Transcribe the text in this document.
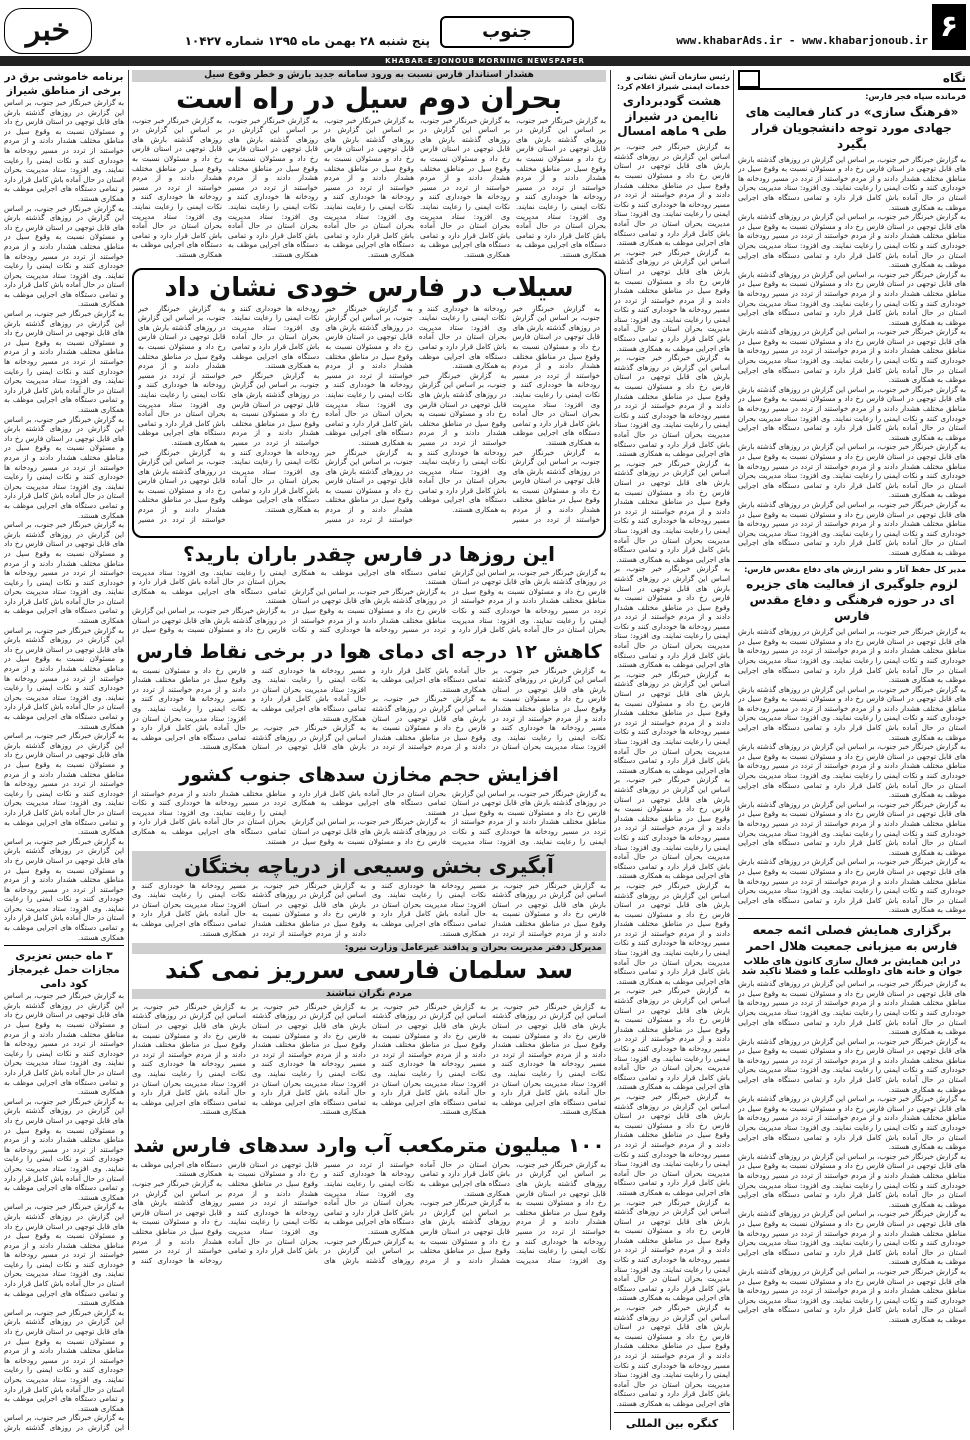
۶
www.khabarAds.ir - www.khabarjonoub.ir
جنوب
پنج شنبه ۲۸ بهمن ماه ۱۳۹۵ شماره ۱۰۴۲۷
خبر
KHABAR-E-JONOUB MORNING NEWSPAPER
نگاه
فرمانده سپاه فجر فارس:
«فرهنگ سازی» در کنار فعالیت های جهادی مورد توجه دانشجویان قرار بگیرد
به گزارش خبرنگار خبر جنوب، بر اساس این گزارش در روزهای گذشته بارش های قابل توجهی در استان فارس رخ داد و مسئولان نسبت به وقوع سیل در مناطق مختلف هشدار دادند و از مردم خواستند از تردد در مسیر رودخانه ها خودداری کنند و نکات ایمنی را رعایت نمایند. وی افزود: ستاد مدیریت بحران استان در حال آماده باش کامل قرار دارد و تمامی دستگاه های اجرایی موظف به همکاری هستند.
به گزارش خبرنگار خبر جنوب، بر اساس این گزارش در روزهای گذشته بارش های قابل توجهی در استان فارس رخ داد و مسئولان نسبت به وقوع سیل در مناطق مختلف هشدار دادند و از مردم خواستند از تردد در مسیر رودخانه ها خودداری کنند و نکات ایمنی را رعایت نمایند. وی افزود: ستاد مدیریت بحران استان در حال آماده باش کامل قرار دارد و تمامی دستگاه های اجرایی موظف به همکاری هستند.
به گزارش خبرنگار خبر جنوب، بر اساس این گزارش در روزهای گذشته بارش های قابل توجهی در استان فارس رخ داد و مسئولان نسبت به وقوع سیل در مناطق مختلف هشدار دادند و از مردم خواستند از تردد در مسیر رودخانه ها خودداری کنند و نکات ایمنی را رعایت نمایند. وی افزود: ستاد مدیریت بحران استان در حال آماده باش کامل قرار دارد و تمامی دستگاه های اجرایی موظف به همکاری هستند.
به گزارش خبرنگار خبر جنوب، بر اساس این گزارش در روزهای گذشته بارش های قابل توجهی در استان فارس رخ داد و مسئولان نسبت به وقوع سیل در مناطق مختلف هشدار دادند و از مردم خواستند از تردد در مسیر رودخانه ها خودداری کنند و نکات ایمنی را رعایت نمایند. وی افزود: ستاد مدیریت بحران استان در حال آماده باش کامل قرار دارد و تمامی دستگاه های اجرایی موظف به همکاری هستند.
به گزارش خبرنگار خبر جنوب، بر اساس این گزارش در روزهای گذشته بارش های قابل توجهی در استان فارس رخ داد و مسئولان نسبت به وقوع سیل در مناطق مختلف هشدار دادند و از مردم خواستند از تردد در مسیر رودخانه ها خودداری کنند و نکات ایمنی را رعایت نمایند. وی افزود: ستاد مدیریت بحران استان در حال آماده باش کامل قرار دارد و تمامی دستگاه های اجرایی موظف به همکاری هستند.
به گزارش خبرنگار خبر جنوب، بر اساس این گزارش در روزهای گذشته بارش های قابل توجهی در استان فارس رخ داد و مسئولان نسبت به وقوع سیل در مناطق مختلف هشدار دادند و از مردم خواستند از تردد در مسیر رودخانه ها خودداری کنند و نکات ایمنی را رعایت نمایند. وی افزود: ستاد مدیریت بحران استان در حال آماده باش کامل قرار دارد و تمامی دستگاه های اجرایی موظف به همکاری هستند.
به گزارش خبرنگار خبر جنوب، بر اساس این گزارش در روزهای گذشته بارش های قابل توجهی در استان فارس رخ داد و مسئولان نسبت به وقوع سیل در مناطق مختلف هشدار دادند و از مردم خواستند از تردد در مسیر رودخانه ها خودداری کنند و نکات ایمنی را رعایت نمایند. وی افزود: ستاد مدیریت بحران استان در حال آماده باش کامل قرار دارد و تمامی دستگاه های اجرایی موظف به همکاری هستند.
مدیر کل حفظ آثار و نشر ارزش های دفاع مقدس فارس:
لزوم جلوگیری از فعالیت های جزیره ای در حوزه فرهنگی و دفاع مقدس فارس
به گزارش خبرنگار خبر جنوب، بر اساس این گزارش در روزهای گذشته بارش های قابل توجهی در استان فارس رخ داد و مسئولان نسبت به وقوع سیل در مناطق مختلف هشدار دادند و از مردم خواستند از تردد در مسیر رودخانه ها خودداری کنند و نکات ایمنی را رعایت نمایند. وی افزود: ستاد مدیریت بحران استان در حال آماده باش کامل قرار دارد و تمامی دستگاه های اجرایی موظف به همکاری هستند.
به گزارش خبرنگار خبر جنوب، بر اساس این گزارش در روزهای گذشته بارش های قابل توجهی در استان فارس رخ داد و مسئولان نسبت به وقوع سیل در مناطق مختلف هشدار دادند و از مردم خواستند از تردد در مسیر رودخانه ها خودداری کنند و نکات ایمنی را رعایت نمایند. وی افزود: ستاد مدیریت بحران استان در حال آماده باش کامل قرار دارد و تمامی دستگاه های اجرایی موظف به همکاری هستند.
به گزارش خبرنگار خبر جنوب، بر اساس این گزارش در روزهای گذشته بارش های قابل توجهی در استان فارس رخ داد و مسئولان نسبت به وقوع سیل در مناطق مختلف هشدار دادند و از مردم خواستند از تردد در مسیر رودخانه ها خودداری کنند و نکات ایمنی را رعایت نمایند. وی افزود: ستاد مدیریت بحران استان در حال آماده باش کامل قرار دارد و تمامی دستگاه های اجرایی موظف به همکاری هستند.
به گزارش خبرنگار خبر جنوب، بر اساس این گزارش در روزهای گذشته بارش های قابل توجهی در استان فارس رخ داد و مسئولان نسبت به وقوع سیل در مناطق مختلف هشدار دادند و از مردم خواستند از تردد در مسیر رودخانه ها خودداری کنند و نکات ایمنی را رعایت نمایند. وی افزود: ستاد مدیریت بحران استان در حال آماده باش کامل قرار دارد و تمامی دستگاه های اجرایی موظف به همکاری هستند.
به گزارش خبرنگار خبر جنوب، بر اساس این گزارش در روزهای گذشته بارش های قابل توجهی در استان فارس رخ داد و مسئولان نسبت به وقوع سیل در مناطق مختلف هشدار دادند و از مردم خواستند از تردد در مسیر رودخانه ها خودداری کنند و نکات ایمنی را رعایت نمایند. وی افزود: ستاد مدیریت بحران استان در حال آماده باش کامل قرار دارد و تمامی دستگاه های اجرایی موظف به همکاری هستند.
برگزاری همایش فصلی ائمه جمعه فارس به میزبانی جمعیت هلال احمر
در این همایش بر فعال سازی کانون های طلاب جوان و خانه های داوطلب علما و فضلا تاکید شد
به گزارش خبرنگار خبر جنوب، بر اساس این گزارش در روزهای گذشته بارش های قابل توجهی در استان فارس رخ داد و مسئولان نسبت به وقوع سیل در مناطق مختلف هشدار دادند و از مردم خواستند از تردد در مسیر رودخانه ها خودداری کنند و نکات ایمنی را رعایت نمایند. وی افزود: ستاد مدیریت بحران استان در حال آماده باش کامل قرار دارد و تمامی دستگاه های اجرایی موظف به همکاری هستند.
به گزارش خبرنگار خبر جنوب، بر اساس این گزارش در روزهای گذشته بارش های قابل توجهی در استان فارس رخ داد و مسئولان نسبت به وقوع سیل در مناطق مختلف هشدار دادند و از مردم خواستند از تردد در مسیر رودخانه ها خودداری کنند و نکات ایمنی را رعایت نمایند. وی افزود: ستاد مدیریت بحران استان در حال آماده باش کامل قرار دارد و تمامی دستگاه های اجرایی موظف به همکاری هستند.
به گزارش خبرنگار خبر جنوب، بر اساس این گزارش در روزهای گذشته بارش های قابل توجهی در استان فارس رخ داد و مسئولان نسبت به وقوع سیل در مناطق مختلف هشدار دادند و از مردم خواستند از تردد در مسیر رودخانه ها خودداری کنند و نکات ایمنی را رعایت نمایند. وی افزود: ستاد مدیریت بحران استان در حال آماده باش کامل قرار دارد و تمامی دستگاه های اجرایی موظف به همکاری هستند.
به گزارش خبرنگار خبر جنوب، بر اساس این گزارش در روزهای گذشته بارش های قابل توجهی در استان فارس رخ داد و مسئولان نسبت به وقوع سیل در مناطق مختلف هشدار دادند و از مردم خواستند از تردد در مسیر رودخانه ها خودداری کنند و نکات ایمنی را رعایت نمایند. وی افزود: ستاد مدیریت بحران استان در حال آماده باش کامل قرار دارد و تمامی دستگاه های اجرایی موظف به همکاری هستند.
به گزارش خبرنگار خبر جنوب، بر اساس این گزارش در روزهای گذشته بارش های قابل توجهی در استان فارس رخ داد و مسئولان نسبت به وقوع سیل در مناطق مختلف هشدار دادند و از مردم خواستند از تردد در مسیر رودخانه ها خودداری کنند و نکات ایمنی را رعایت نمایند. وی افزود: ستاد مدیریت بحران استان در حال آماده باش کامل قرار دارد و تمامی دستگاه های اجرایی موظف به همکاری هستند.
به گزارش خبرنگار خبر جنوب، بر اساس این گزارش در روزهای گذشته بارش های قابل توجهی در استان فارس رخ داد و مسئولان نسبت به وقوع سیل در مناطق مختلف هشدار دادند و از مردم خواستند از تردد در مسیر رودخانه ها خودداری کنند و نکات ایمنی را رعایت نمایند. وی افزود: ستاد مدیریت بحران استان در حال آماده باش کامل قرار دارد و تمامی دستگاه های اجرایی موظف به همکاری هستند.
رئیس سازمان آتش نشانی و خدمات ایمنی شیراز اعلام کرد:
هشت گودبرداری ناایمن در شیراز طی ۹ ماهه امسال
به گزارش خبرنگار خبر جنوب، بر اساس این گزارش در روزهای گذشته بارش های قابل توجهی در استان فارس رخ داد و مسئولان نسبت به وقوع سیل در مناطق مختلف هشدار دادند و از مردم خواستند از تردد در مسیر رودخانه ها خودداری کنند و نکات ایمنی را رعایت نمایند. وی افزود: ستاد مدیریت بحران استان در حال آماده باش کامل قرار دارد و تمامی دستگاه های اجرایی موظف به همکاری هستند.
به گزارش خبرنگار خبر جنوب، بر اساس این گزارش در روزهای گذشته بارش های قابل توجهی در استان فارس رخ داد و مسئولان نسبت به وقوع سیل در مناطق مختلف هشدار دادند و از مردم خواستند از تردد در مسیر رودخانه ها خودداری کنند و نکات ایمنی را رعایت نمایند. وی افزود: ستاد مدیریت بحران استان در حال آماده باش کامل قرار دارد و تمامی دستگاه های اجرایی موظف به همکاری هستند.
به گزارش خبرنگار خبر جنوب، بر اساس این گزارش در روزهای گذشته بارش های قابل توجهی در استان فارس رخ داد و مسئولان نسبت به وقوع سیل در مناطق مختلف هشدار دادند و از مردم خواستند از تردد در مسیر رودخانه ها خودداری کنند و نکات ایمنی را رعایت نمایند. وی افزود: ستاد مدیریت بحران استان در حال آماده باش کامل قرار دارد و تمامی دستگاه های اجرایی موظف به همکاری هستند.
به گزارش خبرنگار خبر جنوب، بر اساس این گزارش در روزهای گذشته بارش های قابل توجهی در استان فارس رخ داد و مسئولان نسبت به وقوع سیل در مناطق مختلف هشدار دادند و از مردم خواستند از تردد در مسیر رودخانه ها خودداری کنند و نکات ایمنی را رعایت نمایند. وی افزود: ستاد مدیریت بحران استان در حال آماده باش کامل قرار دارد و تمامی دستگاه های اجرایی موظف به همکاری هستند.
به گزارش خبرنگار خبر جنوب، بر اساس این گزارش در روزهای گذشته بارش های قابل توجهی در استان فارس رخ داد و مسئولان نسبت به وقوع سیل در مناطق مختلف هشدار دادند و از مردم خواستند از تردد در مسیر رودخانه ها خودداری کنند و نکات ایمنی را رعایت نمایند. وی افزود: ستاد مدیریت بحران استان در حال آماده باش کامل قرار دارد و تمامی دستگاه های اجرایی موظف به همکاری هستند.
به گزارش خبرنگار خبر جنوب، بر اساس این گزارش در روزهای گذشته بارش های قابل توجهی در استان فارس رخ داد و مسئولان نسبت به وقوع سیل در مناطق مختلف هشدار دادند و از مردم خواستند از تردد در مسیر رودخانه ها خودداری کنند و نکات ایمنی را رعایت نمایند. وی افزود: ستاد مدیریت بحران استان در حال آماده باش کامل قرار دارد و تمامی دستگاه های اجرایی موظف به همکاری هستند.
به گزارش خبرنگار خبر جنوب، بر اساس این گزارش در روزهای گذشته بارش های قابل توجهی در استان فارس رخ داد و مسئولان نسبت به وقوع سیل در مناطق مختلف هشدار دادند و از مردم خواستند از تردد در مسیر رودخانه ها خودداری کنند و نکات ایمنی را رعایت نمایند. وی افزود: ستاد مدیریت بحران استان در حال آماده باش کامل قرار دارد و تمامی دستگاه های اجرایی موظف به همکاری هستند.
به گزارش خبرنگار خبر جنوب، بر اساس این گزارش در روزهای گذشته بارش های قابل توجهی در استان فارس رخ داد و مسئولان نسبت به وقوع سیل در مناطق مختلف هشدار دادند و از مردم خواستند از تردد در مسیر رودخانه ها خودداری کنند و نکات ایمنی را رعایت نمایند. وی افزود: ستاد مدیریت بحران استان در حال آماده باش کامل قرار دارد و تمامی دستگاه های اجرایی موظف به همکاری هستند.
به گزارش خبرنگار خبر جنوب، بر اساس این گزارش در روزهای گذشته بارش های قابل توجهی در استان فارس رخ داد و مسئولان نسبت به وقوع سیل در مناطق مختلف هشدار دادند و از مردم خواستند از تردد در مسیر رودخانه ها خودداری کنند و نکات ایمنی را رعایت نمایند. وی افزود: ستاد مدیریت بحران استان در حال آماده باش کامل قرار دارد و تمامی دستگاه های اجرایی موظف به همکاری هستند.
به گزارش خبرنگار خبر جنوب، بر اساس این گزارش در روزهای گذشته بارش های قابل توجهی در استان فارس رخ داد و مسئولان نسبت به وقوع سیل در مناطق مختلف هشدار دادند و از مردم خواستند از تردد در مسیر رودخانه ها خودداری کنند و نکات ایمنی را رعایت نمایند. وی افزود: ستاد مدیریت بحران استان در حال آماده باش کامل قرار دارد و تمامی دستگاه های اجرایی موظف به همکاری هستند.
به گزارش خبرنگار خبر جنوب، بر اساس این گزارش در روزهای گذشته بارش های قابل توجهی در استان فارس رخ داد و مسئولان نسبت به وقوع سیل در مناطق مختلف هشدار دادند و از مردم خواستند از تردد در مسیر رودخانه ها خودداری کنند و نکات ایمنی را رعایت نمایند. وی افزود: ستاد مدیریت بحران استان در حال آماده باش کامل قرار دارد و تمامی دستگاه های اجرایی موظف به همکاری هستند.
به گزارش خبرنگار خبر جنوب، بر اساس این گزارش در روزهای گذشته بارش های قابل توجهی در استان فارس رخ داد و مسئولان نسبت به وقوع سیل در مناطق مختلف هشدار دادند و از مردم خواستند از تردد در مسیر رودخانه ها خودداری کنند و نکات ایمنی را رعایت نمایند. وی افزود: ستاد مدیریت بحران استان در حال آماده باش کامل قرار دارد و تمامی دستگاه های اجرایی موظف به همکاری هستند.
کنگره بین المللی
هشدار استاندار فارس نسبت به ورود سامانه جدید بارش و خطر وقوع سیل
بحران دوم سیل در راه است
به گزارش خبرنگار خبر جنوب، بر اساس این گزارش در روزهای گذشته بارش های قابل توجهی در استان فارس رخ داد و مسئولان نسبت به وقوع سیل در مناطق مختلف هشدار دادند و از مردم خواستند از تردد در مسیر رودخانه ها خودداری کنند و نکات ایمنی را رعایت نمایند. وی افزود: ستاد مدیریت بحران استان در حال آماده باش کامل قرار دارد و تمامی دستگاه های اجرایی موظف به همکاری هستند.
به گزارش خبرنگار خبر جنوب، بر اساس این گزارش در روزهای گذشته بارش های قابل توجهی در استان فارس رخ داد و مسئولان نسبت به وقوع سیل در مناطق مختلف هشدار دادند و از مردم خواستند از تردد در مسیر رودخانه ها خودداری کنند و نکات ایمنی را رعایت نمایند. وی افزود: ستاد مدیریت بحران استان در حال آماده باش کامل قرار دارد و تمامی دستگاه های اجرایی موظف به همکاری هستند.
به گزارش خبرنگار خبر جنوب، بر اساس این گزارش در روزهای گذشته بارش های قابل توجهی در استان فارس رخ داد و مسئولان نسبت به وقوع سیل در مناطق مختلف هشدار دادند و از مردم خواستند از تردد در مسیر رودخانه ها خودداری کنند و نکات ایمنی را رعایت نمایند. وی افزود: ستاد مدیریت بحران استان در حال آماده باش کامل قرار دارد و تمامی دستگاه های اجرایی موظف به همکاری هستند.
به گزارش خبرنگار خبر جنوب، بر اساس این گزارش در روزهای گذشته بارش های قابل توجهی در استان فارس رخ داد و مسئولان نسبت به وقوع سیل در مناطق مختلف هشدار دادند و از مردم خواستند از تردد در مسیر رودخانه ها خودداری کنند و نکات ایمنی را رعایت نمایند. وی افزود: ستاد مدیریت بحران استان در حال آماده باش کامل قرار دارد و تمامی دستگاه های اجرایی موظف به همکاری هستند.
به گزارش خبرنگار خبر جنوب، بر اساس این گزارش در روزهای گذشته بارش های قابل توجهی در استان فارس رخ داد و مسئولان نسبت به وقوع سیل در مناطق مختلف هشدار دادند و از مردم خواستند از تردد در مسیر رودخانه ها خودداری کنند و نکات ایمنی را رعایت نمایند. وی افزود: ستاد مدیریت بحران استان در حال آماده باش کامل قرار دارد و تمامی دستگاه های اجرایی موظف به همکاری هستند.
سیلاب در فارس خودی نشان داد
به گزارش خبرنگار خبر جنوب، بر اساس این گزارش در روزهای گذشته بارش های قابل توجهی در استان فارس رخ داد و مسئولان نسبت به وقوع سیل در مناطق مختلف هشدار دادند و از مردم خواستند از تردد در مسیر رودخانه ها خودداری کنند و نکات ایمنی را رعایت نمایند. وی افزود: ستاد مدیریت بحران استان در حال آماده باش کامل قرار دارد و تمامی دستگاه های اجرایی موظف به همکاری هستند.
به گزارش خبرنگار خبر جنوب، بر اساس این گزارش در روزهای گذشته بارش های قابل توجهی در استان فارس رخ داد و مسئولان نسبت به وقوع سیل در مناطق مختلف هشدار دادند و از مردم خواستند از تردد در مسیر رودخانه ها خودداری کنند و نکات ایمنی را رعایت نمایند. وی افزود: ستاد مدیریت بحران استان در حال آماده باش کامل قرار دارد و تمامی دستگاه های اجرایی موظف به همکاری هستند.
به گزارش خبرنگار خبر جنوب، بر اساس این گزارش در روزهای گذشته بارش های قابل توجهی در استان فارس رخ داد و مسئولان نسبت به وقوع سیل در مناطق مختلف هشدار دادند و از مردم خواستند از تردد در مسیر رودخانه ها خودداری کنند و نکات ایمنی را رعایت نمایند. وی افزود: ستاد مدیریت بحران استان در حال آماده باش کامل قرار دارد و تمامی دستگاه های اجرایی موظف به همکاری هستند.
به گزارش خبرنگار خبر جنوب، بر اساس این گزارش در روزهای گذشته بارش های قابل توجهی در استان فارس رخ داد و مسئولان نسبت به وقوع سیل در مناطق مختلف هشدار دادند و از مردم خواستند از تردد در مسیر رودخانه ها خودداری کنند و نکات ایمنی را رعایت نمایند. وی افزود: ستاد مدیریت بحران استان در حال آماده باش کامل قرار دارد و تمامی دستگاه های اجرایی موظف به همکاری هستند.
به گزارش خبرنگار خبر جنوب، بر اساس این گزارش در روزهای گذشته بارش های قابل توجهی در استان فارس رخ داد و مسئولان نسبت به وقوع سیل در مناطق مختلف هشدار دادند و از مردم خواستند از تردد در مسیر رودخانه ها خودداری کنند و نکات ایمنی را رعایت نمایند. وی افزود: ستاد مدیریت بحران استان در حال آماده باش کامل قرار دارد و تمامی دستگاه های اجرایی موظف به همکاری هستند.
به گزارش خبرنگار خبر جنوب، بر اساس این گزارش در روزهای گذشته بارش های قابل توجهی در استان فارس رخ داد و مسئولان نسبت به وقوع سیل در مناطق مختلف هشدار دادند و از مردم خواستند از تردد در مسیر رودخانه ها خودداری کنند و نکات ایمنی را رعایت نمایند. وی افزود: ستاد مدیریت بحران استان در حال آماده باش کامل قرار دارد و تمامی دستگاه های اجرایی موظف به همکاری هستند.
به گزارش خبرنگار خبر جنوب، بر اساس این گزارش در روزهای گذشته بارش های قابل توجهی در استان فارس رخ داد و مسئولان نسبت به وقوع سیل در مناطق مختلف هشدار دادند و از مردم خواستند از تردد در مسیر رودخانه ها خودداری کنند و نکات ایمنی را رعایت نمایند. وی افزود: ستاد مدیریت بحران استان در حال آماده باش کامل قرار دارد و تمامی دستگاه های اجرایی موظف به همکاری هستند.
به گزارش خبرنگار خبر جنوب، بر اساس این گزارش در روزهای گذشته بارش های قابل توجهی در استان فارس رخ داد و مسئولان نسبت به وقوع سیل در مناطق مختلف هشدار دادند و از مردم خواستند از تردد در مسیر
این روزها در فارس چقدر باران بارید؟
به گزارش خبرنگار خبر جنوب، بر اساس این گزارش در روزهای گذشته بارش های قابل توجهی در استان فارس رخ داد و مسئولان نسبت به وقوع سیل در مناطق مختلف هشدار دادند و از مردم خواستند از تردد در مسیر رودخانه ها خودداری کنند و نکات ایمنی را رعایت نمایند. وی افزود: ستاد مدیریت بحران استان در حال آماده باش کامل قرار دارد و تمامی دستگاه های اجرایی موظف به همکاری هستند.
به گزارش خبرنگار خبر جنوب، بر اساس این گزارش در روزهای گذشته بارش های قابل توجهی در استان فارس رخ داد و مسئولان نسبت به وقوع سیل در مناطق مختلف هشدار دادند و از مردم خواستند از تردد در مسیر رودخانه ها خودداری کنند و نکات ایمنی را رعایت نمایند. وی افزود: ستاد مدیریت بحران استان در حال آماده باش کامل قرار دارد و تمامی دستگاه های اجرایی موظف به همکاری هستند.
به گزارش خبرنگار خبر جنوب، بر اساس این گزارش در روزهای گذشته بارش های قابل توجهی در استان فارس رخ داد و مسئولان نسبت به وقوع سیل در
کاهش ۱۲ درجه ای دمای هوا در برخی نقاط فارس
به گزارش خبرنگار خبر جنوب، بر اساس این گزارش در روزهای گذشته بارش های قابل توجهی در استان فارس رخ داد و مسئولان نسبت به وقوع سیل در مناطق مختلف هشدار دادند و از مردم خواستند از تردد در مسیر رودخانه ها خودداری کنند و نکات ایمنی را رعایت نمایند. وی افزود: ستاد مدیریت بحران استان در حال آماده باش کامل قرار دارد و تمامی دستگاه های اجرایی موظف به همکاری هستند.
به گزارش خبرنگار خبر جنوب، بر اساس این گزارش در روزهای گذشته بارش های قابل توجهی در استان فارس رخ داد و مسئولان نسبت به وقوع سیل در مناطق مختلف هشدار دادند و از مردم خواستند از تردد در مسیر رودخانه ها خودداری کنند و نکات ایمنی را رعایت نمایند. وی افزود: ستاد مدیریت بحران استان در حال آماده باش کامل قرار دارد و تمامی دستگاه های اجرایی موظف به همکاری هستند.
به گزارش خبرنگار خبر جنوب، بر اساس این گزارش در روزهای گذشته بارش های قابل توجهی در استان فارس رخ داد و مسئولان نسبت به وقوع سیل در مناطق مختلف هشدار دادند و از مردم خواستند از تردد در مسیر رودخانه ها خودداری کنند و نکات ایمنی را رعایت نمایند. وی افزود: ستاد مدیریت بحران استان در حال آماده باش کامل قرار دارد و تمامی دستگاه های اجرایی موظف به همکاری هستند.
افزایش حجم مخازن سدهای جنوب کشور
به گزارش خبرنگار خبر جنوب، بر اساس این گزارش در روزهای گذشته بارش های قابل توجهی در استان فارس رخ داد و مسئولان نسبت به وقوع سیل در مناطق مختلف هشدار دادند و از مردم خواستند از تردد در مسیر رودخانه ها خودداری کنند و نکات ایمنی را رعایت نمایند. وی افزود: ستاد مدیریت بحران استان در حال آماده باش کامل قرار دارد و تمامی دستگاه های اجرایی موظف به همکاری هستند.
به گزارش خبرنگار خبر جنوب، بر اساس این گزارش در روزهای گذشته بارش های قابل توجهی در استان فارس رخ داد و مسئولان نسبت به وقوع سیل در مناطق مختلف هشدار دادند و از مردم خواستند از تردد در مسیر رودخانه ها خودداری کنند و نکات ایمنی را رعایت نمایند. وی افزود: ستاد مدیریت بحران استان در حال آماده باش کامل قرار دارد و تمامی دستگاه های اجرایی موظف به همکاری هستند.
آبگیری بخش وسیعی از دریاچه بختگان
به گزارش خبرنگار خبر جنوب، بر اساس این گزارش در روزهای گذشته بارش های قابل توجهی در استان فارس رخ داد و مسئولان نسبت به وقوع سیل در مناطق مختلف هشدار دادند و از مردم خواستند از تردد در مسیر رودخانه ها خودداری کنند و نکات ایمنی را رعایت نمایند. وی افزود: ستاد مدیریت بحران استان در حال آماده باش کامل قرار دارد و تمامی دستگاه های اجرایی موظف به همکاری هستند.
به گزارش خبرنگار خبر جنوب، بر اساس این گزارش در روزهای گذشته بارش های قابل توجهی در استان فارس رخ داد و مسئولان نسبت به وقوع سیل در مناطق مختلف هشدار دادند و از مردم خواستند از تردد در مسیر رودخانه ها خودداری کنند و نکات ایمنی را رعایت نمایند. وی افزود: ستاد مدیریت بحران استان در حال آماده باش کامل قرار دارد و تمامی دستگاه های اجرایی موظف به همکاری هستند.
مدیرکل دفتر مدیریت بحران و پدافند غیرعامل وزارت نیرو:
سد سلمان فارسی سرریز نمی کند
مردم نگران نباشند
به گزارش خبرنگار خبر جنوب، بر اساس این گزارش در روزهای گذشته بارش های قابل توجهی در استان فارس رخ داد و مسئولان نسبت به وقوع سیل در مناطق مختلف هشدار دادند و از مردم خواستند از تردد در مسیر رودخانه ها خودداری کنند و نکات ایمنی را رعایت نمایند. وی افزود: ستاد مدیریت بحران استان در حال آماده باش کامل قرار دارد و تمامی دستگاه های اجرایی موظف به همکاری هستند.
به گزارش خبرنگار خبر جنوب، بر اساس این گزارش در روزهای گذشته بارش های قابل توجهی در استان فارس رخ داد و مسئولان نسبت به وقوع سیل در مناطق مختلف هشدار دادند و از مردم خواستند از تردد در مسیر رودخانه ها خودداری کنند و نکات ایمنی را رعایت نمایند. وی افزود: ستاد مدیریت بحران استان در حال آماده باش کامل قرار دارد و تمامی دستگاه های اجرایی موظف به همکاری هستند.
به گزارش خبرنگار خبر جنوب، بر اساس این گزارش در روزهای گذشته بارش های قابل توجهی در استان فارس رخ داد و مسئولان نسبت به وقوع سیل در مناطق مختلف هشدار دادند و از مردم خواستند از تردد در مسیر رودخانه ها خودداری کنند و نکات ایمنی را رعایت نمایند. وی افزود: ستاد مدیریت بحران استان در حال آماده باش کامل قرار دارد و تمامی دستگاه های اجرایی موظف به همکاری هستند.
به گزارش خبرنگار خبر جنوب، بر اساس این گزارش در روزهای گذشته بارش های قابل توجهی در استان فارس رخ داد و مسئولان نسبت به وقوع سیل در مناطق مختلف هشدار دادند و از مردم خواستند از تردد در مسیر رودخانه ها خودداری کنند و نکات ایمنی را رعایت نمایند. وی افزود: ستاد مدیریت بحران استان در حال آماده باش کامل قرار دارد و تمامی دستگاه های اجرایی موظف به همکاری هستند.
۱۰۰ میلیون مترمکعب آب وارد سدهای فارس شد
به گزارش خبرنگار خبر جنوب، بر اساس این گزارش در روزهای گذشته بارش های قابل توجهی در استان فارس رخ داد و مسئولان نسبت به وقوع سیل در مناطق مختلف هشدار دادند و از مردم خواستند از تردد در مسیر رودخانه ها خودداری کنند و نکات ایمنی را رعایت نمایند. وی افزود: ستاد مدیریت بحران استان در حال آماده باش کامل قرار دارد و تمامی دستگاه های اجرایی موظف به همکاری هستند.
به گزارش خبرنگار خبر جنوب، بر اساس این گزارش در روزهای گذشته بارش های قابل توجهی در استان فارس رخ داد و مسئولان نسبت به وقوع سیل در مناطق مختلف هشدار دادند و از مردم خواستند از تردد در مسیر رودخانه ها خودداری کنند و نکات ایمنی را رعایت نمایند. وی افزود: ستاد مدیریت بحران استان در حال آماده باش کامل قرار دارد و تمامی دستگاه های اجرایی موظف به همکاری هستند.
به گزارش خبرنگار خبر جنوب، بر اساس این گزارش در روزهای گذشته بارش های قابل توجهی در استان فارس رخ داد و مسئولان نسبت به وقوع سیل در مناطق مختلف هشدار دادند و از مردم خواستند از تردد در مسیر رودخانه ها خودداری کنند و نکات ایمنی را رعایت نمایند. وی افزود: ستاد مدیریت بحران استان در حال آماده باش کامل قرار دارد و تمامی دستگاه های اجرایی موظف به همکاری هستند.
به گزارش خبرنگار خبر جنوب، بر اساس این گزارش در روزهای گذشته بارش های قابل توجهی در استان فارس رخ داد و مسئولان نسبت به وقوع سیل در مناطق مختلف هشدار دادند و از مردم خواستند از تردد در مسیر رودخانه ها خودداری کنند و
برنامه خاموشی برق در برخی از مناطق شیراز
به گزارش خبرنگار خبر جنوب، بر اساس این گزارش در روزهای گذشته بارش های قابل توجهی در استان فارس رخ داد و مسئولان نسبت به وقوع سیل در مناطق مختلف هشدار دادند و از مردم خواستند از تردد در مسیر رودخانه ها خودداری کنند و نکات ایمنی را رعایت نمایند. وی افزود: ستاد مدیریت بحران استان در حال آماده باش کامل قرار دارد و تمامی دستگاه های اجرایی موظف به همکاری هستند.
به گزارش خبرنگار خبر جنوب، بر اساس این گزارش در روزهای گذشته بارش های قابل توجهی در استان فارس رخ داد و مسئولان نسبت به وقوع سیل در مناطق مختلف هشدار دادند و از مردم خواستند از تردد در مسیر رودخانه ها خودداری کنند و نکات ایمنی را رعایت نمایند. وی افزود: ستاد مدیریت بحران استان در حال آماده باش کامل قرار دارد و تمامی دستگاه های اجرایی موظف به همکاری هستند.
به گزارش خبرنگار خبر جنوب، بر اساس این گزارش در روزهای گذشته بارش های قابل توجهی در استان فارس رخ داد و مسئولان نسبت به وقوع سیل در مناطق مختلف هشدار دادند و از مردم خواستند از تردد در مسیر رودخانه ها خودداری کنند و نکات ایمنی را رعایت نمایند. وی افزود: ستاد مدیریت بحران استان در حال آماده باش کامل قرار دارد و تمامی دستگاه های اجرایی موظف به همکاری هستند.
به گزارش خبرنگار خبر جنوب، بر اساس این گزارش در روزهای گذشته بارش های قابل توجهی در استان فارس رخ داد و مسئولان نسبت به وقوع سیل در مناطق مختلف هشدار دادند و از مردم خواستند از تردد در مسیر رودخانه ها خودداری کنند و نکات ایمنی را رعایت نمایند. وی افزود: ستاد مدیریت بحران استان در حال آماده باش کامل قرار دارد و تمامی دستگاه های اجرایی موظف به همکاری هستند.
به گزارش خبرنگار خبر جنوب، بر اساس این گزارش در روزهای گذشته بارش های قابل توجهی در استان فارس رخ داد و مسئولان نسبت به وقوع سیل در مناطق مختلف هشدار دادند و از مردم خواستند از تردد در مسیر رودخانه ها خودداری کنند و نکات ایمنی را رعایت نمایند. وی افزود: ستاد مدیریت بحران استان در حال آماده باش کامل قرار دارد و تمامی دستگاه های اجرایی موظف به همکاری هستند.
به گزارش خبرنگار خبر جنوب، بر اساس این گزارش در روزهای گذشته بارش های قابل توجهی در استان فارس رخ داد و مسئولان نسبت به وقوع سیل در مناطق مختلف هشدار دادند و از مردم خواستند از تردد در مسیر رودخانه ها خودداری کنند و نکات ایمنی را رعایت نمایند. وی افزود: ستاد مدیریت بحران استان در حال آماده باش کامل قرار دارد و تمامی دستگاه های اجرایی موظف به همکاری هستند.
به گزارش خبرنگار خبر جنوب، بر اساس این گزارش در روزهای گذشته بارش های قابل توجهی در استان فارس رخ داد و مسئولان نسبت به وقوع سیل در مناطق مختلف هشدار دادند و از مردم خواستند از تردد در مسیر رودخانه ها خودداری کنند و نکات ایمنی را رعایت نمایند. وی افزود: ستاد مدیریت بحران استان در حال آماده باش کامل قرار دارد و تمامی دستگاه های اجرایی موظف به همکاری هستند.
به گزارش خبرنگار خبر جنوب، بر اساس این گزارش در روزهای گذشته بارش های قابل توجهی در استان فارس رخ داد و مسئولان نسبت به وقوع سیل در مناطق مختلف هشدار دادند و از مردم خواستند از تردد در مسیر رودخانه ها خودداری کنند و نکات ایمنی را رعایت نمایند. وی افزود: ستاد مدیریت بحران استان در حال آماده باش کامل قرار دارد و تمامی دستگاه های اجرایی موظف به همکاری هستند.
۳ ماه حبس تعزیری مجازات حمل غیرمجاز کود دامی
به گزارش خبرنگار خبر جنوب، بر اساس این گزارش در روزهای گذشته بارش های قابل توجهی در استان فارس رخ داد و مسئولان نسبت به وقوع سیل در مناطق مختلف هشدار دادند و از مردم خواستند از تردد در مسیر رودخانه ها خودداری کنند و نکات ایمنی را رعایت نمایند. وی افزود: ستاد مدیریت بحران استان در حال آماده باش کامل قرار دارد و تمامی دستگاه های اجرایی موظف به همکاری هستند.
به گزارش خبرنگار خبر جنوب، بر اساس این گزارش در روزهای گذشته بارش های قابل توجهی در استان فارس رخ داد و مسئولان نسبت به وقوع سیل در مناطق مختلف هشدار دادند و از مردم خواستند از تردد در مسیر رودخانه ها خودداری کنند و نکات ایمنی را رعایت نمایند. وی افزود: ستاد مدیریت بحران استان در حال آماده باش کامل قرار دارد و تمامی دستگاه های اجرایی موظف به همکاری هستند.
به گزارش خبرنگار خبر جنوب، بر اساس این گزارش در روزهای گذشته بارش های قابل توجهی در استان فارس رخ داد و مسئولان نسبت به وقوع سیل در مناطق مختلف هشدار دادند و از مردم خواستند از تردد در مسیر رودخانه ها خودداری کنند و نکات ایمنی را رعایت نمایند. وی افزود: ستاد مدیریت بحران استان در حال آماده باش کامل قرار دارد و تمامی دستگاه های اجرایی موظف به همکاری هستند.
به گزارش خبرنگار خبر جنوب، بر اساس این گزارش در روزهای گذشته بارش های قابل توجهی در استان فارس رخ داد و مسئولان نسبت به وقوع سیل در مناطق مختلف هشدار دادند و از مردم خواستند از تردد در مسیر رودخانه ها خودداری کنند و نکات ایمنی را رعایت نمایند. وی افزود: ستاد مدیریت بحران استان در حال آماده باش کامل قرار دارد و تمامی دستگاه های اجرایی موظف به همکاری هستند.
به گزارش خبرنگار خبر جنوب، بر اساس این گزارش در روزهای گذشته بارش
